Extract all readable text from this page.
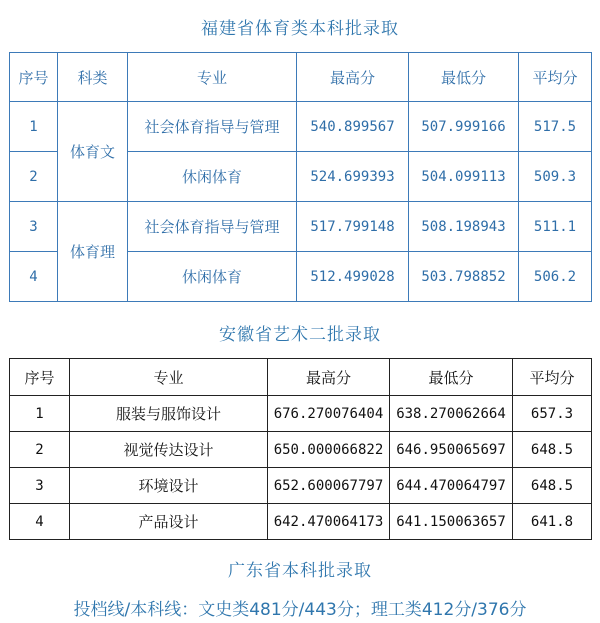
福建省体育类本科批录取
序号	科类	专业	最高分	最低分	平均分
1	体育文	社会体育指导与管理	540.899567	507.999166	517.5
2		休闲体育	524.699393	504.099113	509.3
3	体育理	社会体育指导与管理	517.799148	508.198943	511.1
4		休闲体育	512.499028	503.798852	506.2
安徽省艺术二批录取
序号	专业	最高分	最低分	平均分
1	服装与服饰设计	676.270076404	638.270062664	657.3
2	视觉传达设计	650.000066822	646.950065697	648.5
3	环境设计	652.600067797	644.470064797	648.5
4	产品设计	642.470064173	641.150063657	641.8
广东省本科批录取
投档线/本科线：文史类481分/443分；理工类412分/376分
